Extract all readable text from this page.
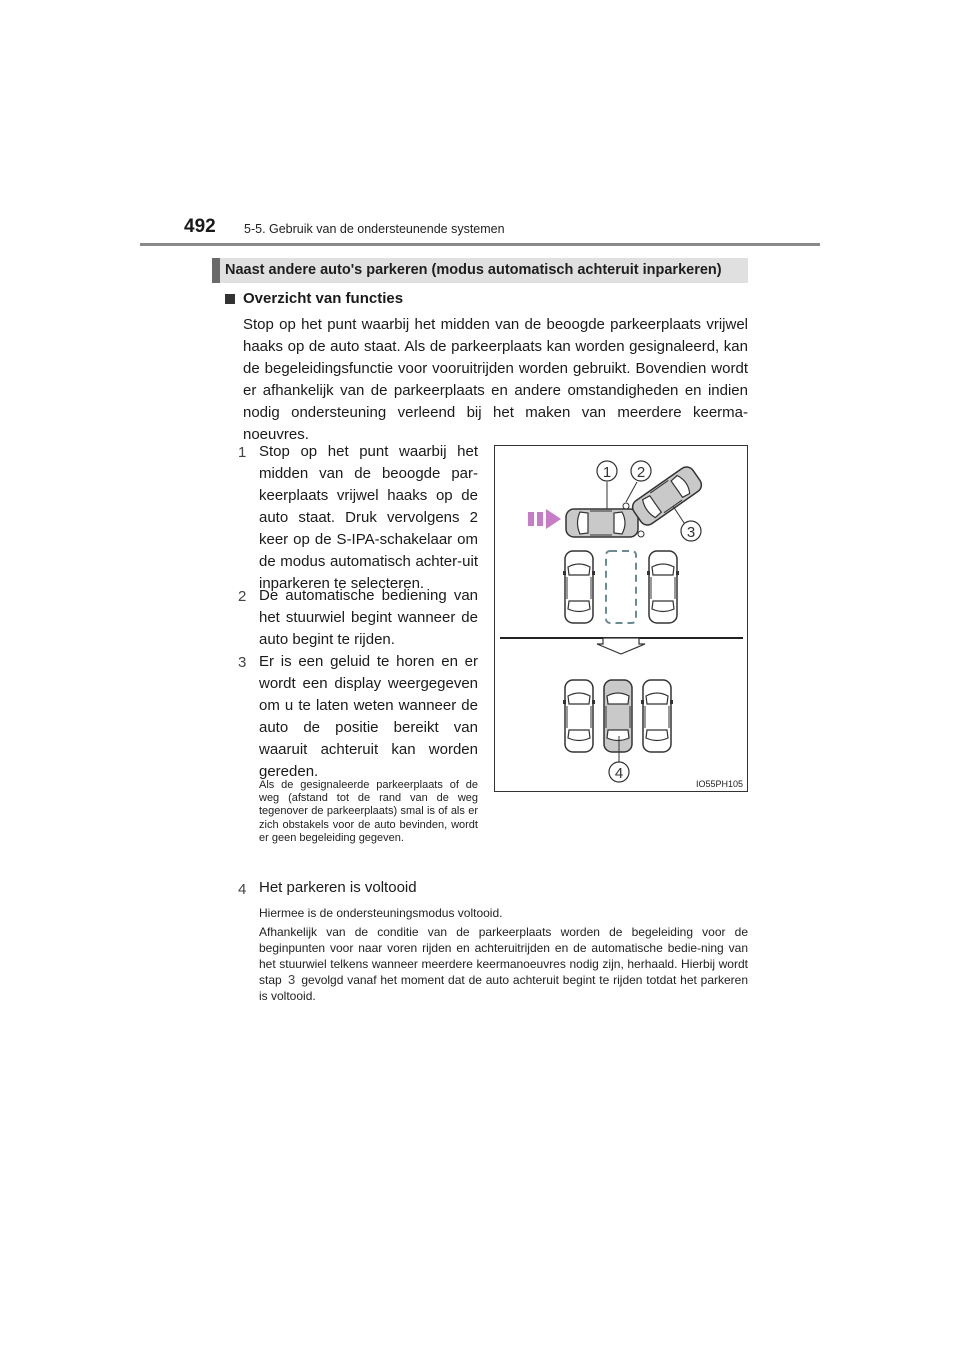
492 5-5. Gebruik van de ondersteunende systemen
Naast andere auto's parkeren (modus automatisch achteruit inparkeren)
Overzicht van functies
Stop op het punt waarbij het midden van de beoogde parkeerplaats vrijwel haaks op de auto staat. Als de parkeerplaats kan worden gesignaleerd, kan de begeleidingsfunctie voor vooruitrijden worden gebruikt. Bovendien wordt er afhankelijk van de parkeerplaats en andere omstandigheden en indien nodig ondersteuning verleend bij het maken van meerdere keerma-noeuvres.
1 Stop op het punt waarbij het midden van de beoogde par-keerplaats vrijwel haaks op de auto staat. Druk vervolgens 2 keer op de S-IPA-schakelaar om de modus automatisch achter-uit inparkeren te selecteren.
2 De automatische bediening van het stuurwiel begint wanneer de auto begint te rijden.
3 Er is een geluid te horen en er wordt een display weergegeven om u te laten weten wanneer de auto de positie bereikt van waaruit achteruit kan worden gereden.
Als de gesignaleerde parkeerplaats of de weg (afstand tot de rand van de weg tegenover de parkeerplaats) smal is of als er zich obstakels voor de auto bevinden, wordt er geen begeleiding gegeven.
4 Het parkeren is voltooid
Hiermee is de ondersteuningsmodus voltooid.
Afhankelijk van de conditie van de parkeerplaats worden de begeleiding voor de beginpunten voor naar voren rijden en achteruitrijden en de automatische bedie-ning van het stuurwiel telkens wanneer meerdere keermanoeuvres nodig zijn, herhaald. Hierbij wordt stap 3 gevolgd vanaf het moment dat de auto achteruit begint te rijden totdat het parkeren is voltooid.
1 2
3
4
IO55PH105
